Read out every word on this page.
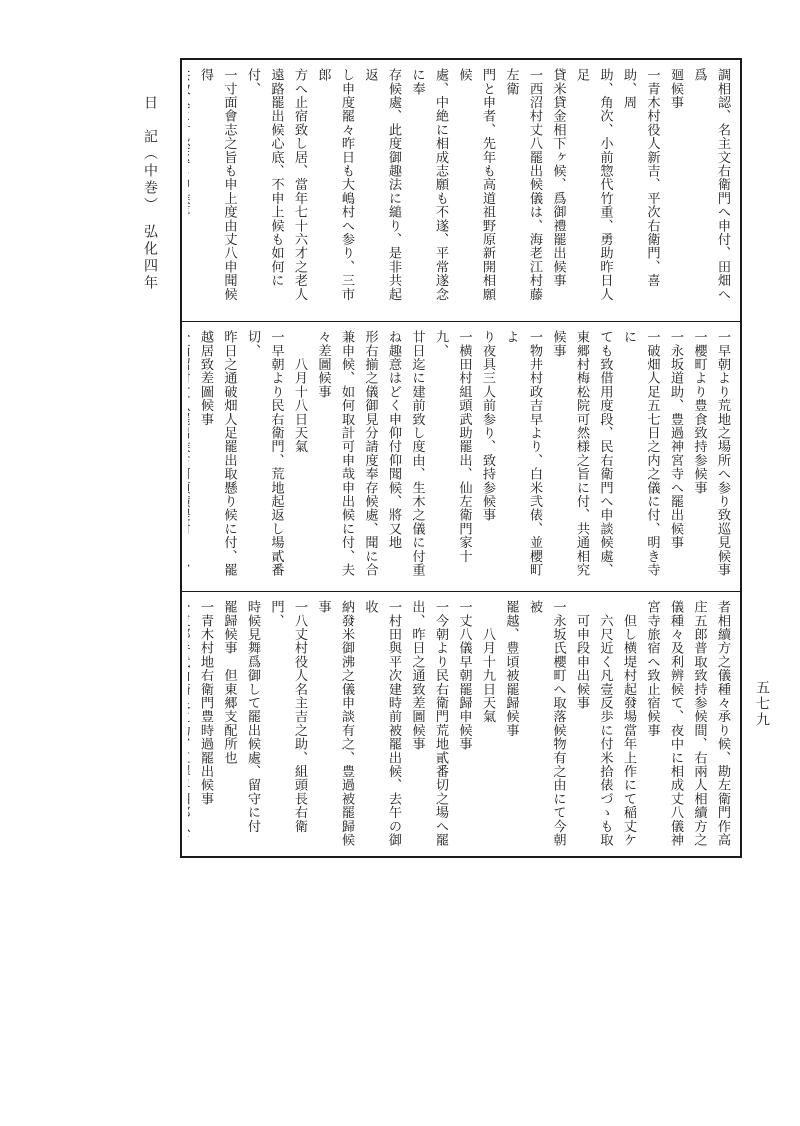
日　記（中巻）　弘化四年	調相認、名主文右衛門へ申付、田畑へ爲
廻候事
一青木村役人新吉、平次右衛門、喜助、周
助、角次、小前惣代竹重、勇助昨日人足
貸米貸金相下ヶ候、爲御禮罷出候事
一西沼村丈八罷出候儀は、海老江村藤左衛
門と申者、先年も高道祖野原新開相願候
處、中絶に相成志願も不遂、平常遂念に奉
存候處、此度御趣法に縋り、是非共起返
し申度罷々昨日も大嶋村へ参り、三市郎
方へ止宿致し居、當年七十六才之老人
遠路罷出候心底、不申上候も如何に付、
一寸面會志之旨も申上度由丈八申聞候得

一早朝より荒地之場所へ参り致巡見候事
一櫻町より豊食致持参候事
一永坂道助、豊過神宮寺へ罷出候事
一破畑人足五七日之内之儀に付、明き寺に
ても致借用度段、民右衛門へ申談候處、
東郷村梅松院可然様之旨に付、共通相究
候事
一物井村政吉早より、白米弐俵、並櫻町よ
り夜具三人前参り、致持参候事
一横田村組頭武助罷出、仙左衛門家十九、
廿日迄に建前致し度由、生木之儀に付重
ね趣意はどく申仰付仰聞候、將又地
形右揃之儀御見分請度奉存候處、聞に合
兼申候、如何取計可申哉申出候に付、夫
々差圖候事
　　八月十八日天氣
一早朝より民右衛門、荒地起返し場貳番切、
昨日之通破畑人足罷出取懸り候に付、罷
越居致差圖候事

者相續方之儀種々承り候、勘左衛門作高
庄五郎普取致持参候間、右兩人相續方之
儀種々及利辨候て、夜中に相成丈八儀神
宮寺旅宿へ致止宿候事
　但し横堤村起發場當年上作にて稲丈ケ
　六尺近く凡壹反歩に付米拾俵づゝも取
　可申段申出候事
一永坂氏櫻町へ取落候物有之由にて今朝被
罷越、豊頃被罷歸候事
　　八月十九日天氣
一丈八儀早朝罷歸申候事
一今朝より民右衛門荒地貳番切之場へ罷
出、昨日之通致差圖候事
一村田與平次建時前被罷出候、去午の御收
納發米御沸之儀申談有之、豊過被罷歸候
事
一八丈村役人名主吉之助、組頭長右衛門、
時候見舞爲御して罷出候處、留守に付
罷歸候事　但東郷支配所也
一青木村地右衛門豊時過罷出候事	五七九
